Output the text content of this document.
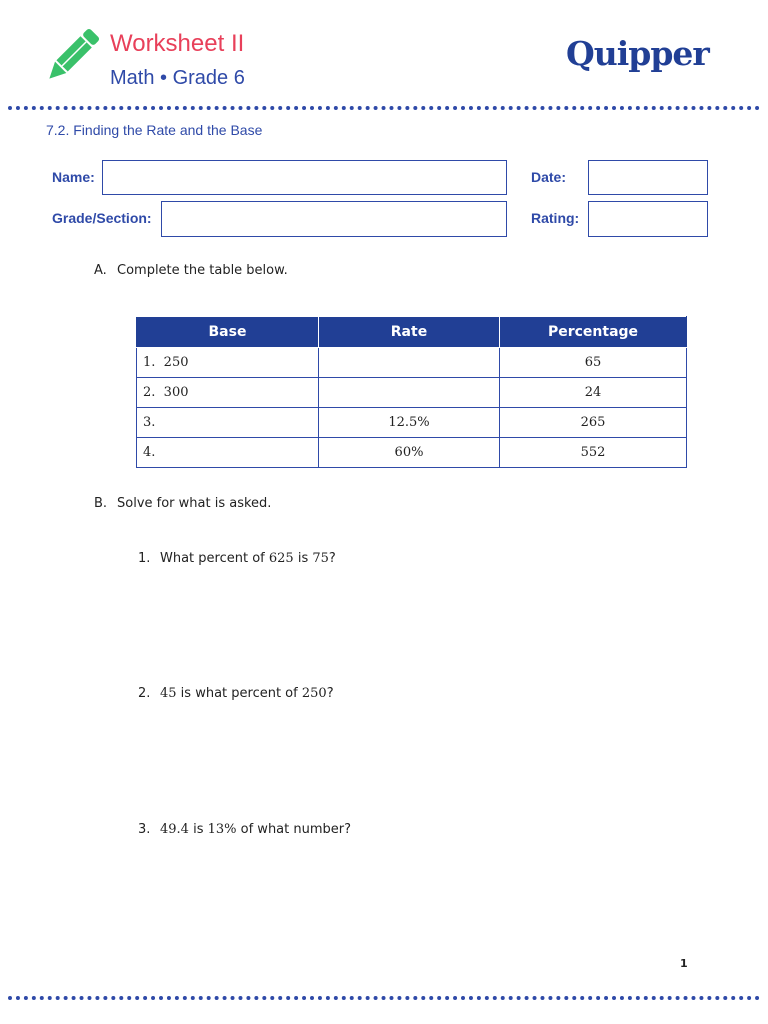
Worksheet II
Math • Grade 6
Quipper
7.2. Finding the Rate and the Base
Name:	Date:
Grade/Section:	Rating:
A. Complete the table below.
Base	Rate	Percentage
1. 250		65
2. 300		24
3.	12.5%	265
4.	60%	552
B. Solve for what is asked.
1. What percent of 625 is 75?
2. 45 is what percent of 250?
3. 49.4 is 13% of what number?
1
